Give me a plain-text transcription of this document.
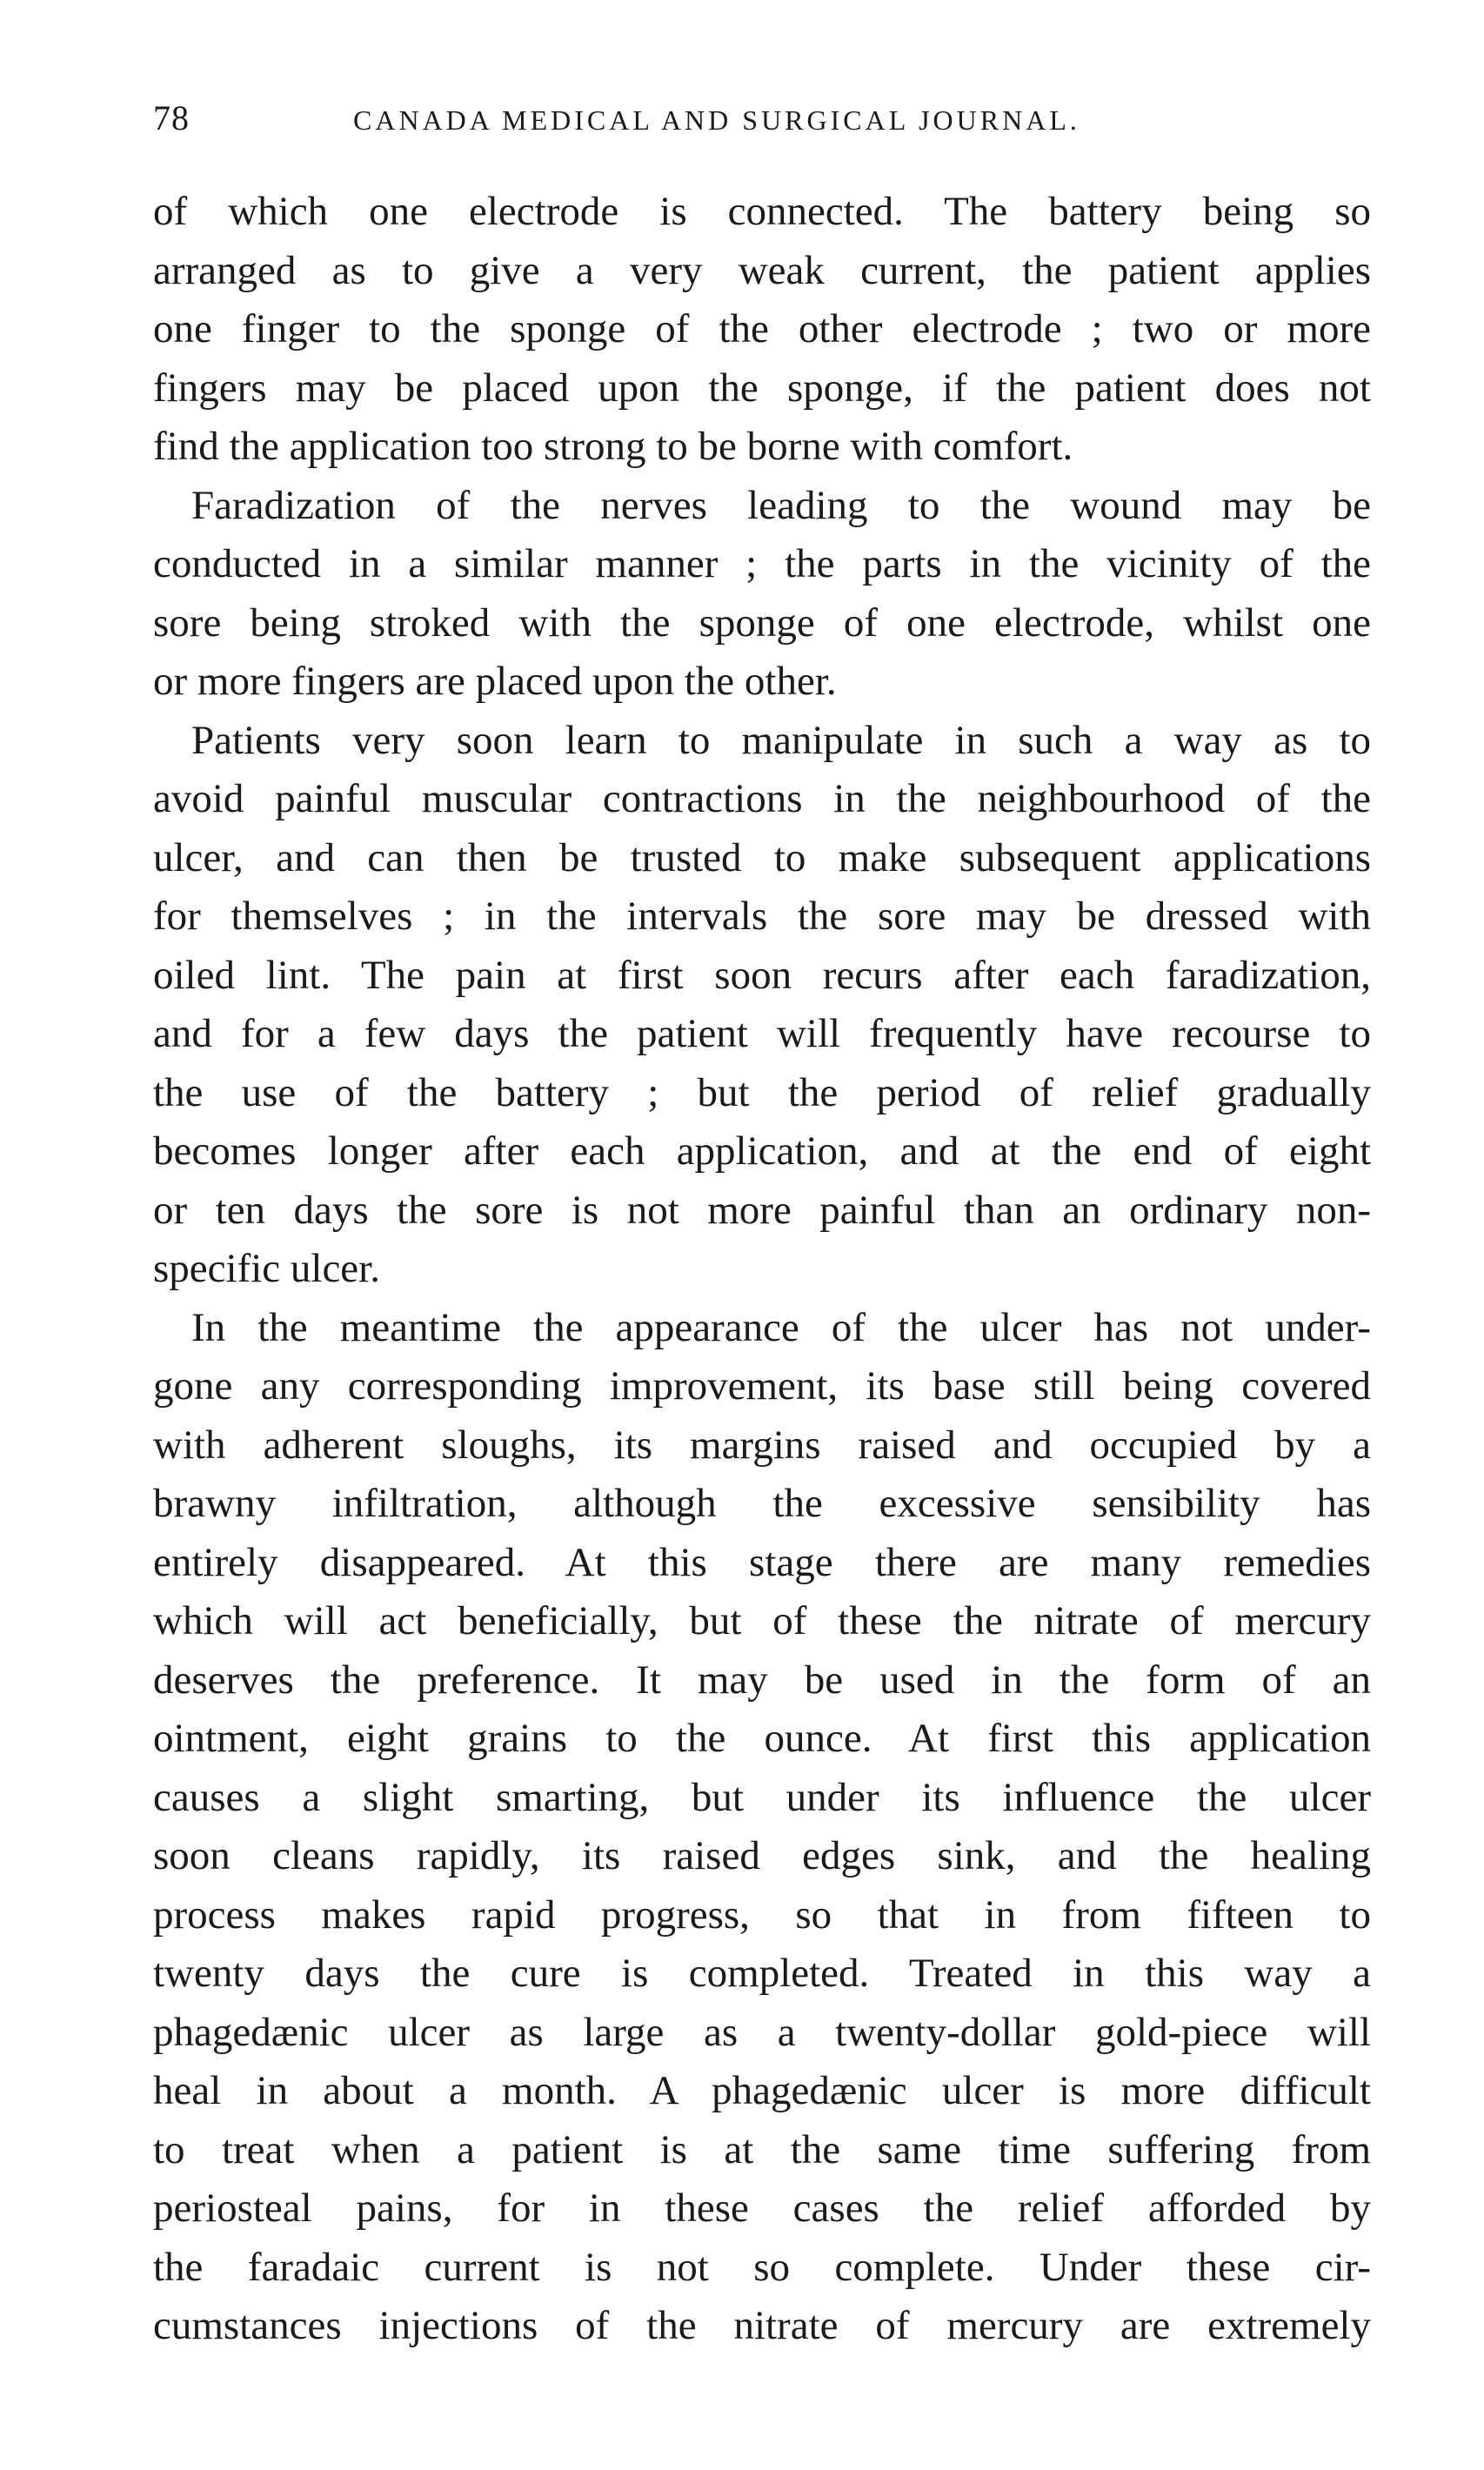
78	CANADA MEDICAL AND SURGICAL JOURNAL.
of which one electrode is connected. The battery being so
arranged as to give a very weak current, the patient applies
one finger to the sponge of the other electrode ; two or more
fingers may be placed upon the sponge, if the patient does not
find the application too strong to be borne with comfort.
Faradization of the nerves leading to the wound may be
conducted in a similar manner ; the parts in the vicinity of the
sore being stroked with the sponge of one electrode, whilst one
or more fingers are placed upon the other.
Patients very soon learn to manipulate in such a way as to
avoid painful muscular contractions in the neighbourhood of the
ulcer, and can then be trusted to make subsequent applications
for themselves ; in the intervals the sore may be dressed with
oiled lint. The pain at first soon recurs after each faradization,
and for a few days the patient will frequently have recourse to
the use of the battery ; but the period of relief gradually
becomes longer after each application, and at the end of eight
or ten days the sore is not more painful than an ordinary non-
specific ulcer.
In the meantime the appearance of the ulcer has not under-
gone any corresponding improvement, its base still being covered
with adherent sloughs, its margins raised and occupied by a
brawny infiltration, although the excessive sensibility has
entirely disappeared. At this stage there are many remedies
which will act beneficially, but of these the nitrate of mercury
deserves the preference. It may be used in the form of an
ointment, eight grains to the ounce. At first this application
causes a slight smarting, but under its influence the ulcer
soon cleans rapidly, its raised edges sink, and the healing
process makes rapid progress, so that in from fifteen to
twenty days the cure is completed. Treated in this way a
phagedænic ulcer as large as a twenty-dollar gold-piece will
heal in about a month. A phagedænic ulcer is more difficult
to treat when a patient is at the same time suffering from
periosteal pains, for in these cases the relief afforded by
the faradaic current is not so complete. Under these cir-
cumstances injections of the nitrate of mercury are extremely
